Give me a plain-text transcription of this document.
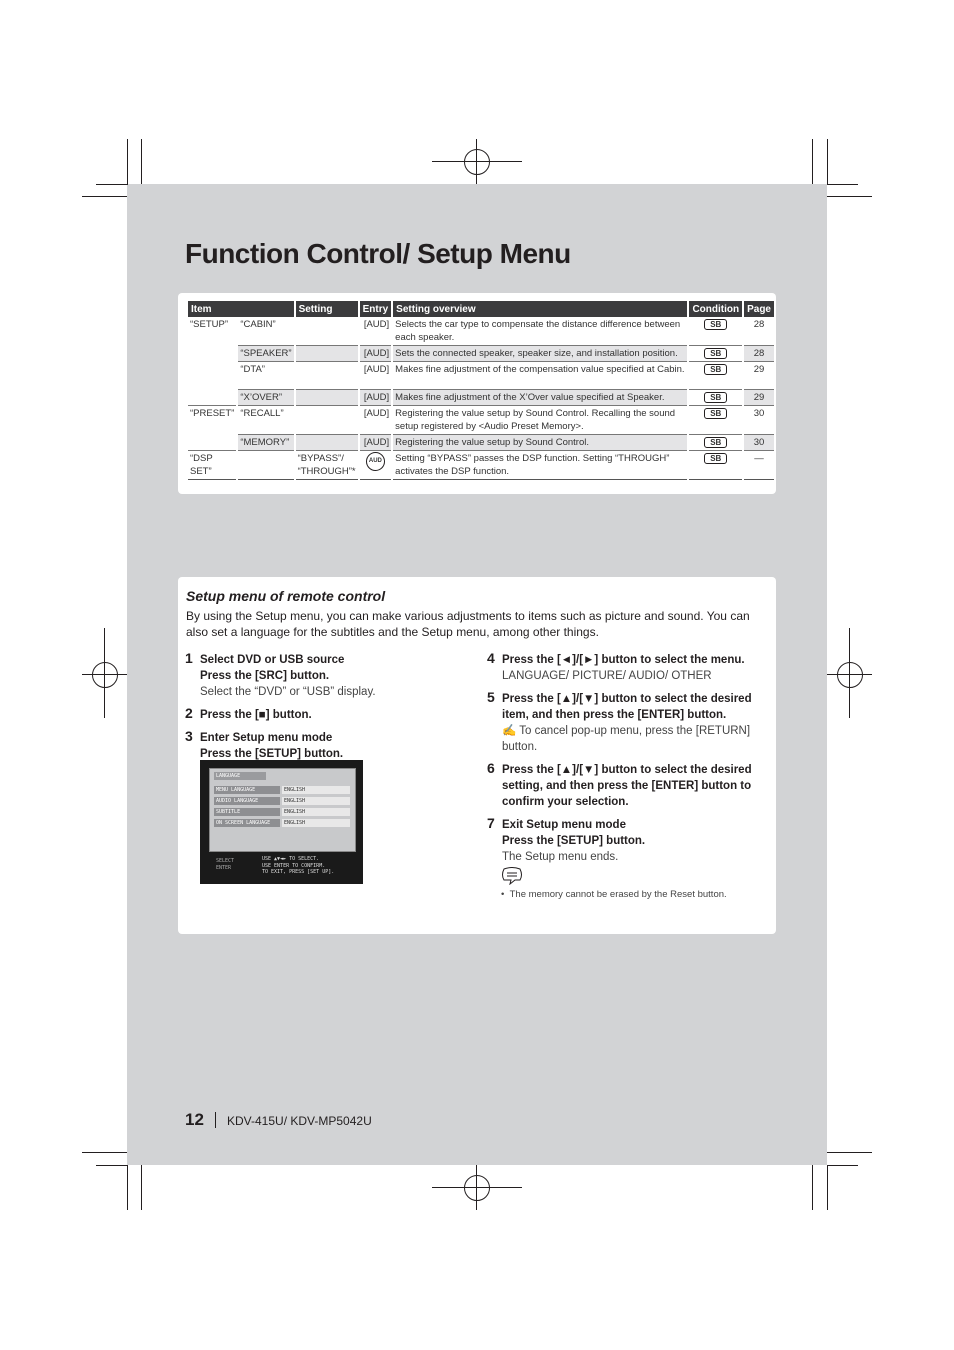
Function Control/ Setup Menu
Item		Setting	Entry	Setting overview	Condition	Page
“SETUP”	“CABIN”		[AUD]	Selects the car type to compensate the distance difference between each speaker.	SB	28
	“SPEAKER”		[AUD]	Sets the connected speaker, speaker size, and installation position.	SB	28
	“DTA”		[AUD]	Makes fine adjustment of the compensation value specified at Cabin.	SB	29
	“X’OVER”		[AUD]	Makes fine adjustment of the X’Over value specified at Speaker.	SB	29
“PRESET”	“RECALL”		[AUD]	Registering the value setup by Sound Control. Recalling the sound setup registered by <Audio Preset Memory>.	SB	30
	“MEMORY”		[AUD]	Registering the value setup by Sound Control.	SB	30
“DSP SET”		“BYPASS”/ “THROUGH”*	AUD	Setting “BYPASS” passes the DSP function. Setting “THROUGH” activates the DSP function.	SB	—
Setup menu of remote control
By using the Setup menu, you can make various adjustments to items such as picture and sound. You can also set a language for the subtitles and the Setup menu, among other things.
1 Select DVD or USB source
Press the [SRC] button.
Select the “DVD” or “USB” display.
2 Press the [■] button.
3 Enter Setup menu mode
Press the [SETUP] button.
LANGUAGE
MENU LANGUAGE	ENGLISH
AUDIO LANGUAGE	ENGLISH
SUBTITLE	ENGLISH
ON SCREEN LANGUAGE	ENGLISH
SELECT
ENTER
USE ▲▼◄► TO SELECT.
USE ENTER TO CONFIRM.
TO EXIT, PRESS [SET UP].
4 Press the [◄]/[►] button to select the menu.
LANGUAGE/ PICTURE/ AUDIO/ OTHER
5 Press the [▲]/[▼] button to select the desired item, and then press the [ENTER] button.
✍ To cancel pop-up menu, press the [RETURN] button.
6 Press the [▲]/[▼] button to select the desired setting, and then press the [ENTER] button to confirm your selection.
7 Exit Setup menu mode
Press the [SETUP] button.
The Setup menu ends.
•  The memory cannot be erased by the Reset button.
12 KDV-415U/ KDV-MP5042U
